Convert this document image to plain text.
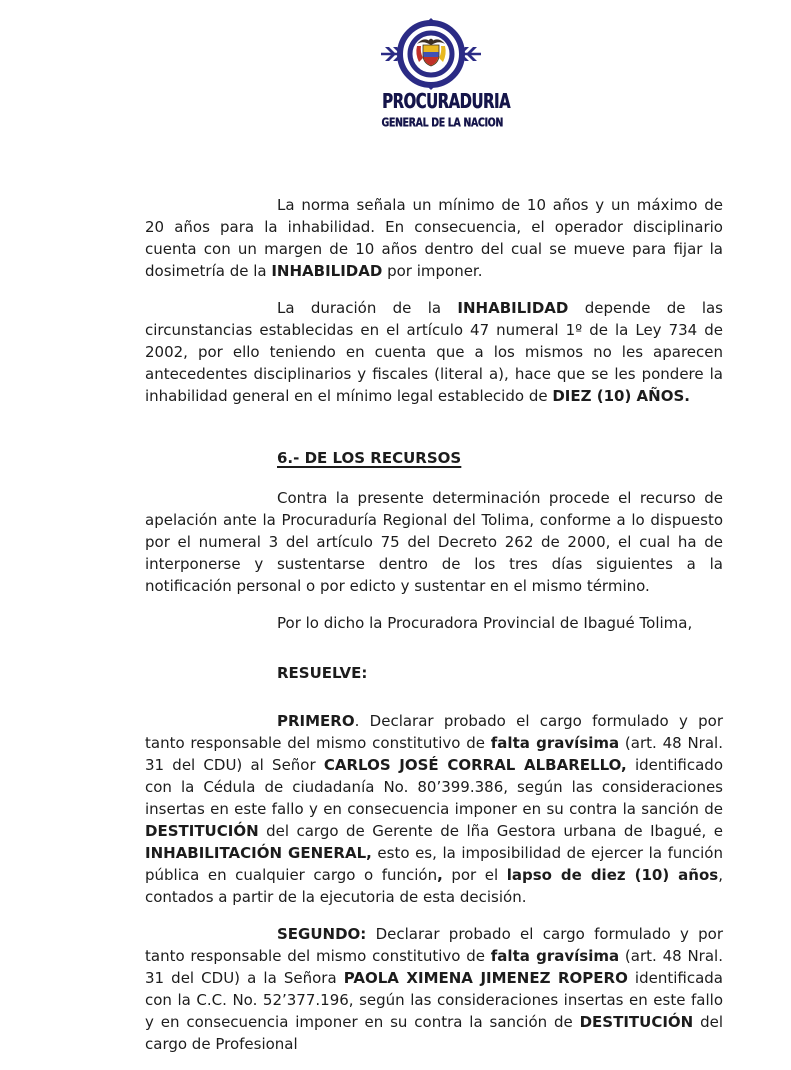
PROCURADURIA
GENERAL DE LA NACION

La norma señala un mínimo de 10 años y un máximo de 20 años para la inhabilidad. En consecuencia, el operador disciplinario cuenta con un margen de 10 años dentro del cual se mueve para fijar la dosimetría de la INHABILIDAD por imponer.

La duración de la INHABILIDAD depende de las circunstancias establecidas en el artículo 47 numeral 1º de la Ley 734 de 2002, por ello teniendo en cuenta que a los mismos no les aparecen antecedentes disciplinarios y fiscales (literal a), hace que se les pondere la inhabilidad general en el mínimo legal establecido de DIEZ (10) AÑOS.

6.- DE LOS RECURSOS

Contra la presente determinación procede el recurso de apelación ante la Procuraduría Regional del Tolima, conforme a lo dispuesto por el numeral 3 del artículo 75 del Decreto 262 de 2000, el cual ha de interponerse y sustentarse dentro de los tres días siguientes a la notificación personal o por edicto y sustentar en el mismo término.

Por lo dicho la Procuradora Provincial de Ibagué Tolima,

RESUELVE:

PRIMERO. Declarar probado el cargo formulado y por tanto responsable del mismo constitutivo de falta gravísima (art. 48 Nral. 31 del CDU) al Señor CARLOS JOSÉ CORRAL ALBARELLO, identificado con la Cédula de ciudadanía No. 80’399.386, según las consideraciones insertas en este fallo y en consecuencia imponer en su contra la sanción de DESTITUCIÓN del cargo de Gerente de lña Gestora urbana de Ibagué, e INHABILITACIÓN GENERAL, esto es, la imposibilidad de ejercer la función pública en cualquier cargo o función, por el lapso de diez (10) años, contados a partir de la ejecutoria de esta decisión.

SEGUNDO: Declarar probado el cargo formulado y por tanto responsable del mismo constitutivo de falta gravísima (art. 48 Nral. 31 del CDU) a la Señora PAOLA XIMENA JIMENEZ ROPERO identificada con la C.C. No. 52’377.196, según las consideraciones insertas en este fallo y en consecuencia imponer en su contra la sanción de DESTITUCIÓN del cargo de Profesional
